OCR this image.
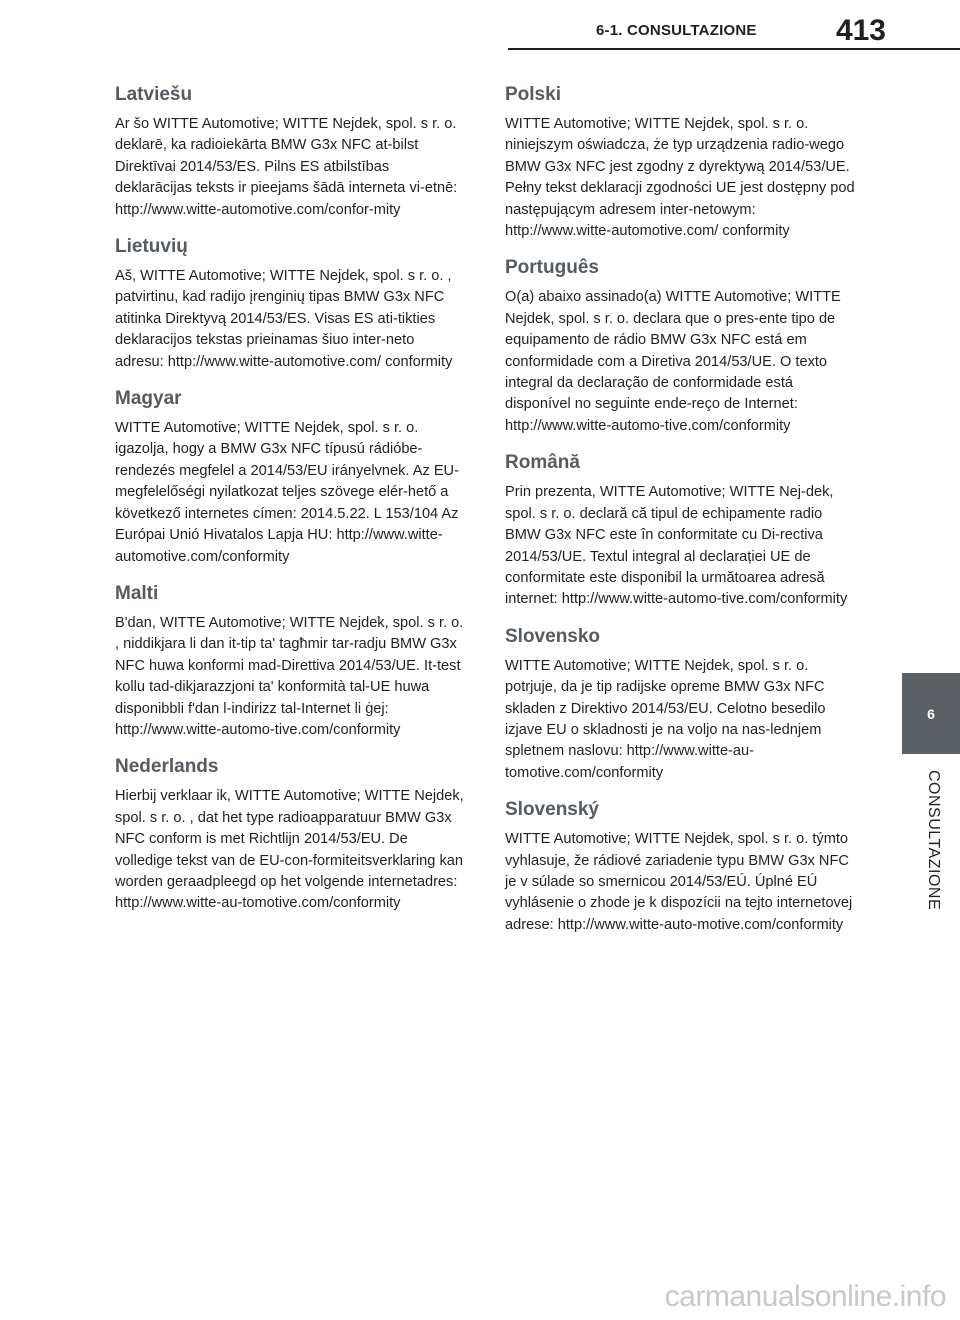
6-1. CONSULTAZIONE	413
Latviešu

Ar šo WITTE Automotive; WITTE Nejdek, spol. s r. o. deklarē, ka radioiekārta BMW G3x NFC at-bilst Direktīvai 2014/53/ES. Pilns ES atbilstības deklarācijas teksts ir pieejams šādā interneta vi-etnē: http://www.witte-automotive.com/confor-mity

Lietuvių

Aš, WITTE Automotive; WITTE Nejdek, spol. s r. o. , patvirtinu, kad radijo įrenginių tipas BMW G3x NFC atitinka Direktyvą 2014/53/ES. Visas ES ati-tikties deklaracijos tekstas prieinamas šiuo inter-neto adresu: http://www.witte-automotive.com/ conformity

Magyar

WITTE Automotive; WITTE Nejdek, spol. s r. o. igazolja, hogy a BMW G3x NFC típusú rádióbe-rendezés megfelel a 2014/53/EU irányelvnek. Az EU-megfelelőségi nyilatkozat teljes szövege elér-hető a következő internetes címen: 2014.5.22. L 153/104 Az Európai Unió Hivatalos Lapja HU: http://www.witte-automotive.com/conformity

Malti

B'dan, WITTE Automotive; WITTE Nejdek, spol. s r. o. , niddikjara li dan it-tip ta' tagħmir tar-radju BMW G3x NFC huwa konformi mad-Direttiva 2014/53/UE. It-test kollu tad-dikjarazzjoni ta' konformità tal-UE huwa disponibbli f'dan l-indirizz tal-Internet li ġej: http://www.witte-automo-tive.com/conformity

Nederlands

Hierbij verklaar ik, WITTE Automotive; WITTE Nejdek, spol. s r. o. , dat het type radioapparatuur BMW G3x NFC conform is met Richtlijn 2014/53/EU. De volledige tekst van de EU-con-formiteitsverklaring kan worden geraadpleegd op het volgende internetadres: http://www.witte-au-tomotive.com/conformity

Polski

WITTE Automotive; WITTE Nejdek, spol. s r. o. niniejszym oświadcza, że typ urządzenia radio-wego BMW G3x NFC jest zgodny z dyrektywą 2014/53/UE. Pełny tekst deklaracji zgodności UE jest dostępny pod następującym adresem inter-netowym: http://www.witte-automotive.com/ conformity

Português

O(a) abaixo assinado(a) WITTE Automotive; WITTE Nejdek, spol. s r. o. declara que o pres-ente tipo de equipamento de rádio BMW G3x NFC está em conformidade com a Diretiva 2014/53/UE. O texto integral da declaração de conformidade está disponível no seguinte ende-reço de Internet: http://www.witte-automo-tive.com/conformity

Română

Prin prezenta, WITTE Automotive; WITTE Nej-dek, spol. s r. o. declară că tipul de echipamente radio BMW G3x NFC este în conformitate cu Di-rectiva 2014/53/UE. Textul integral al declarației UE de conformitate este disponibil la următoarea adresă internet: http://www.witte-automo-tive.com/conformity

Slovensko

WITTE Automotive; WITTE Nejdek, spol. s r. o. potrjuje, da je tip radijske opreme BMW G3x NFC skladen z Direktivo 2014/53/EU. Celotno besedilo izjave EU o skladnosti je na voljo na nas-lednjem spletnem naslovu: http://www.witte-au-tomotive.com/conformity

Slovenský

WITTE Automotive; WITTE Nejdek, spol. s r. o. týmto vyhlasuje, že rádiové zariadenie typu BMW G3x NFC je v súlade so smernicou 2014/53/EÚ. Úplné EÚ vyhlásenie o zhode je k dispozícii na tejto internetovej adrese: http://www.witte-auto-motive.com/conformity

6
CONSULTAZIONE
carmanualsonline.info
